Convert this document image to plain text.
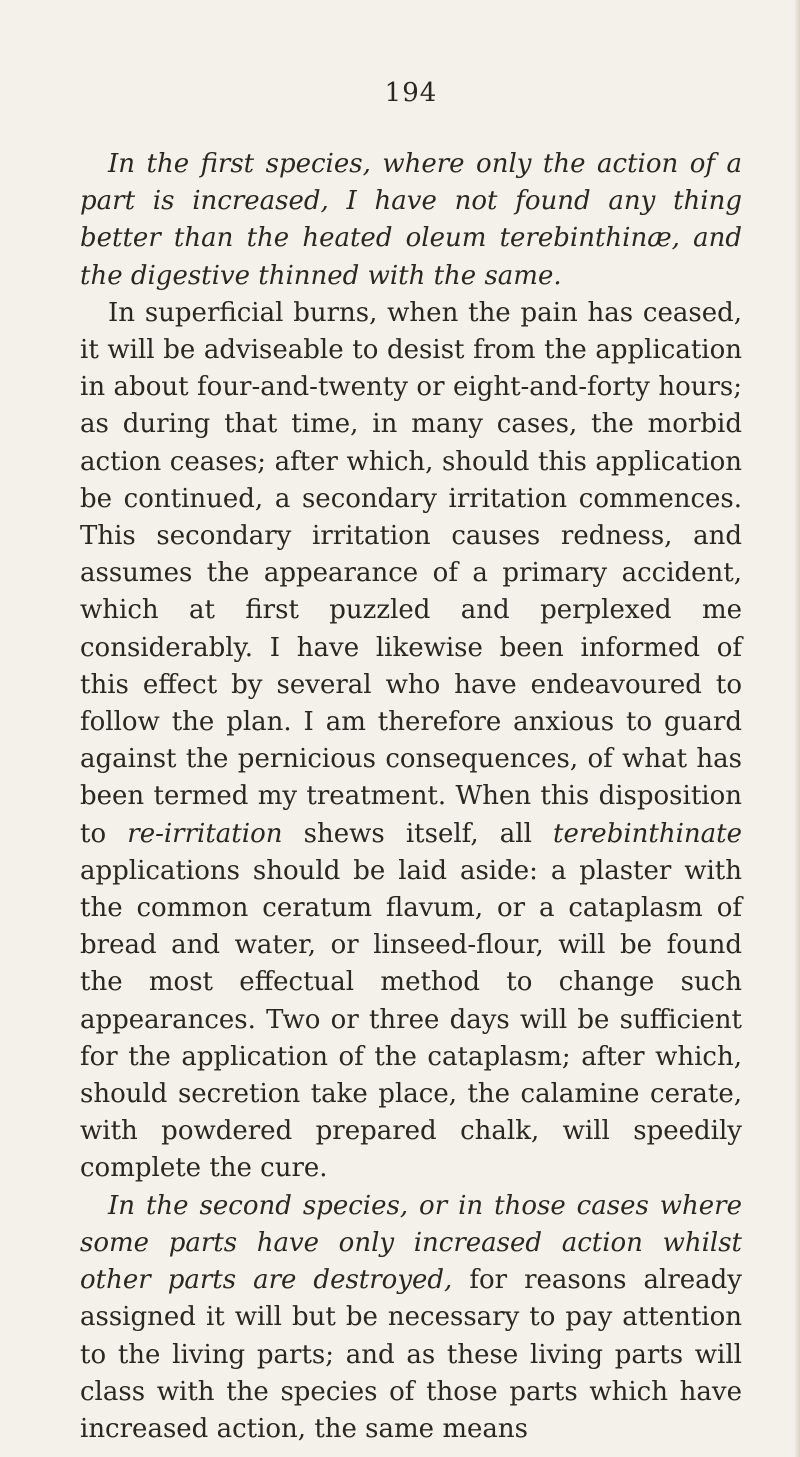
194

In the first species, where only the action of a part is increased, I have not found any thing better than the heated oleum terebinthinæ, and the digestive thinned with the same.

In superficial burns, when the pain has ceased, it will be adviseable to desist from the application in about four-and-twenty or eight-and-forty hours; as during that time, in many cases, the morbid action ceases; after which, should this application be continued, a secondary irritation commences. This secondary irritation causes redness, and assumes the appearance of a primary accident, which at first puzzled and perplexed me considerably. I have likewise been informed of this effect by several who have endeavoured to follow the plan. I am therefore anxious to guard against the pernicious consequences, of what has been termed my treatment. When this disposition to re-irritation shews itself, all terebinthinate applications should be laid aside: a plaster with the common ceratum flavum, or a cataplasm of bread and water, or linseed-flour, will be found the most effectual method to change such appearances. Two or three days will be sufficient for the application of the cataplasm; after which, should secretion take place, the calamine cerate, with powdered prepared chalk, will speedily complete the cure.

In the second species, or in those cases where some parts have only increased action whilst other parts are destroyed, for reasons already assigned it will but be necessary to pay attention to the living parts; and as these living parts will class with the species of those parts which have increased action, the same means
